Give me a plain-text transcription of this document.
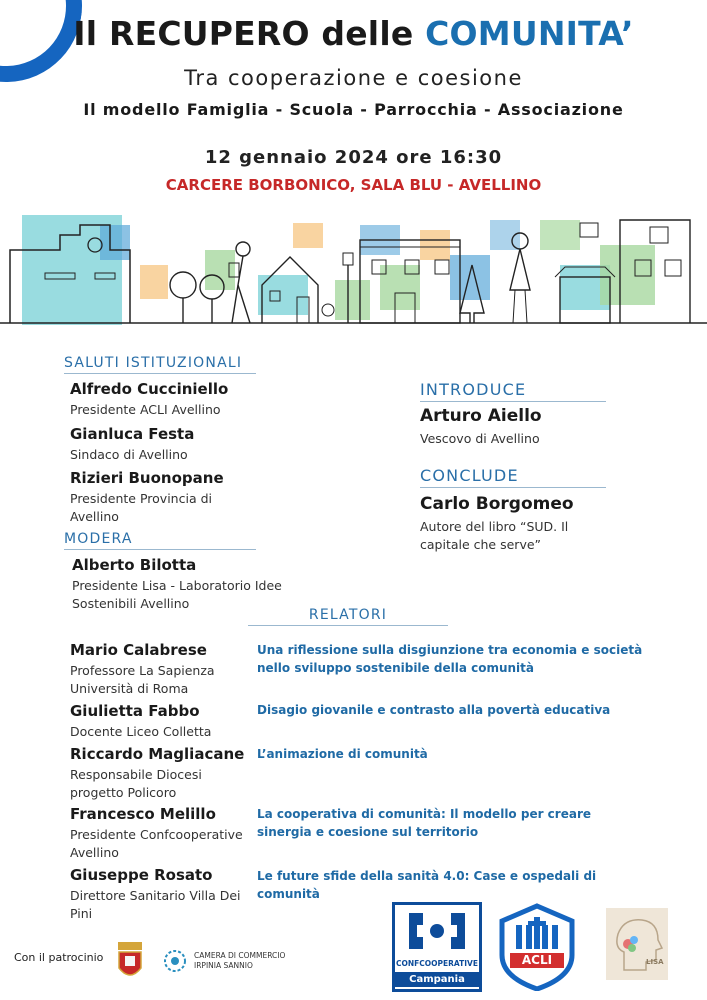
Il RECUPERO delle COMUNITA’
Tra cooperazione e coesione
Il modello Famiglia - Scuola - Parrocchia - Associazione
12 gennaio 2024 ore 16:30
CARCERE BORBONICO, SALA BLU - AVELLINO
SALUTI ISTITUZIONALI
Alfredo Cucciniello
Presidente ACLI Avellino
Gianluca Festa
Sindaco di Avellino
Rizieri Buonopane
Presidente Provincia di Avellino
MODERA
Alberto Bilotta
Presidente Lisa - Laboratorio Idee Sostenibili Avellino
INTRODUCE
Arturo Aiello
Vescovo di Avellino
CONCLUDE
Carlo Borgomeo
Autore del libro “SUD. Il capitale che serve”
RELATORI
Mario Calabrese
Professore La Sapienza Università di Roma
Una riflessione sulla disgiunzione tra economia e società nello sviluppo sostenibile della comunità
Giulietta Fabbo
Docente Liceo Colletta
Disagio giovanile e contrasto alla povertà educativa
Riccardo Magliacane
Responsabile Diocesi progetto Policoro
L’animazione di comunità
Francesco Melillo
Presidente Confcooperative Avellino
La cooperativa di comunità: Il modello per creare sinergia e coesione sul territorio
Giuseppe Rosato
Direttore Sanitario Villa Dei Pini
Le future sfide della sanità 4.0: Case e ospedali di comunità
Con il patrocinio	CAMERA DI COMMERCIO
IRPINIA SANNIO	CONFCOOPERATIVE
Campania
ACLI	LISA
